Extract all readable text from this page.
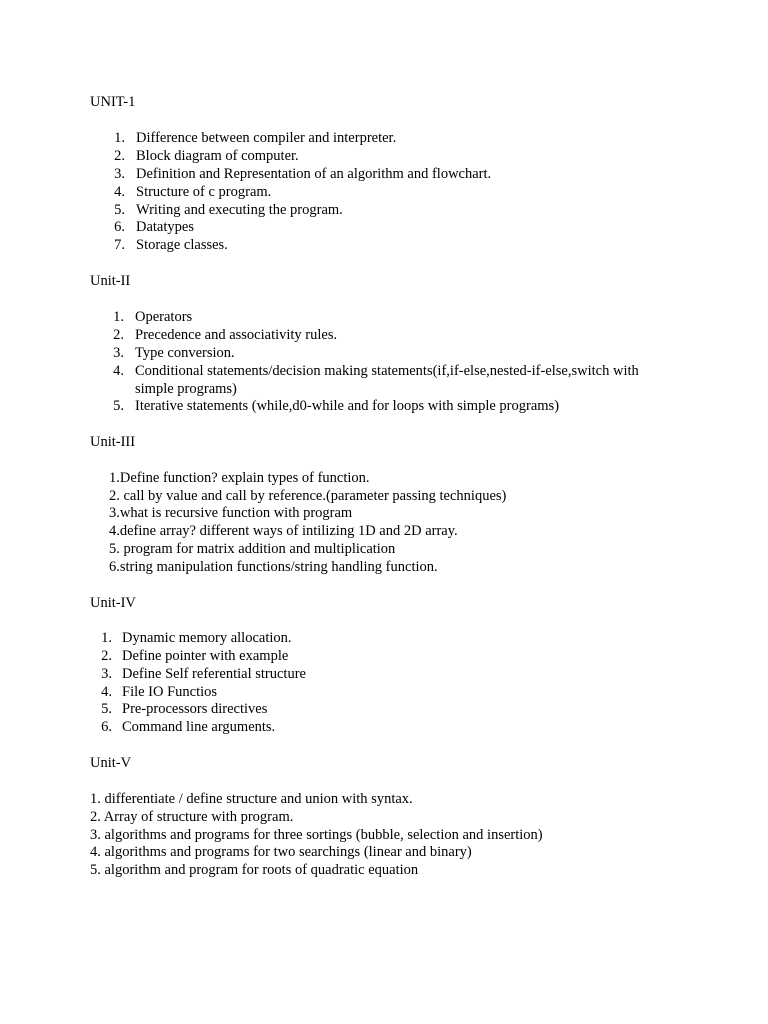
UNIT-1
1. Difference between compiler and interpreter.
2. Block diagram of computer.
3. Definition and Representation of an algorithm and flowchart.
4. Structure of c program.
5. Writing and executing the program.
6. Datatypes
7. Storage classes.
Unit-II
1. Operators
2. Precedence and associativity rules.
3. Type conversion.
4. Conditional statements/decision making statements(if,if-else,nested-if-else,switch with simple programs)
5. Iterative statements (while,d0-while and for loops with simple programs)
Unit-III
1.Define function? explain types of function.
2. call by value and call by reference.(parameter passing techniques)
3.what is recursive function with program
4.define array? different ways of intilizing 1D and 2D array.
5. program for matrix addition and multiplication
6.string manipulation functions/string handling function.
Unit-IV
1. Dynamic memory allocation.
2. Define pointer with example
3. Define Self referential structure
4. File IO Functios
5. Pre-processors directives
6. Command line arguments.
Unit-V
1. differentiate / define structure and union with syntax.
2. Array of structure with program.
3. algorithms and programs for three sortings (bubble, selection and insertion)
4. algorithms and programs for two searchings (linear and binary)
5. algorithm and program for roots of quadratic equation
